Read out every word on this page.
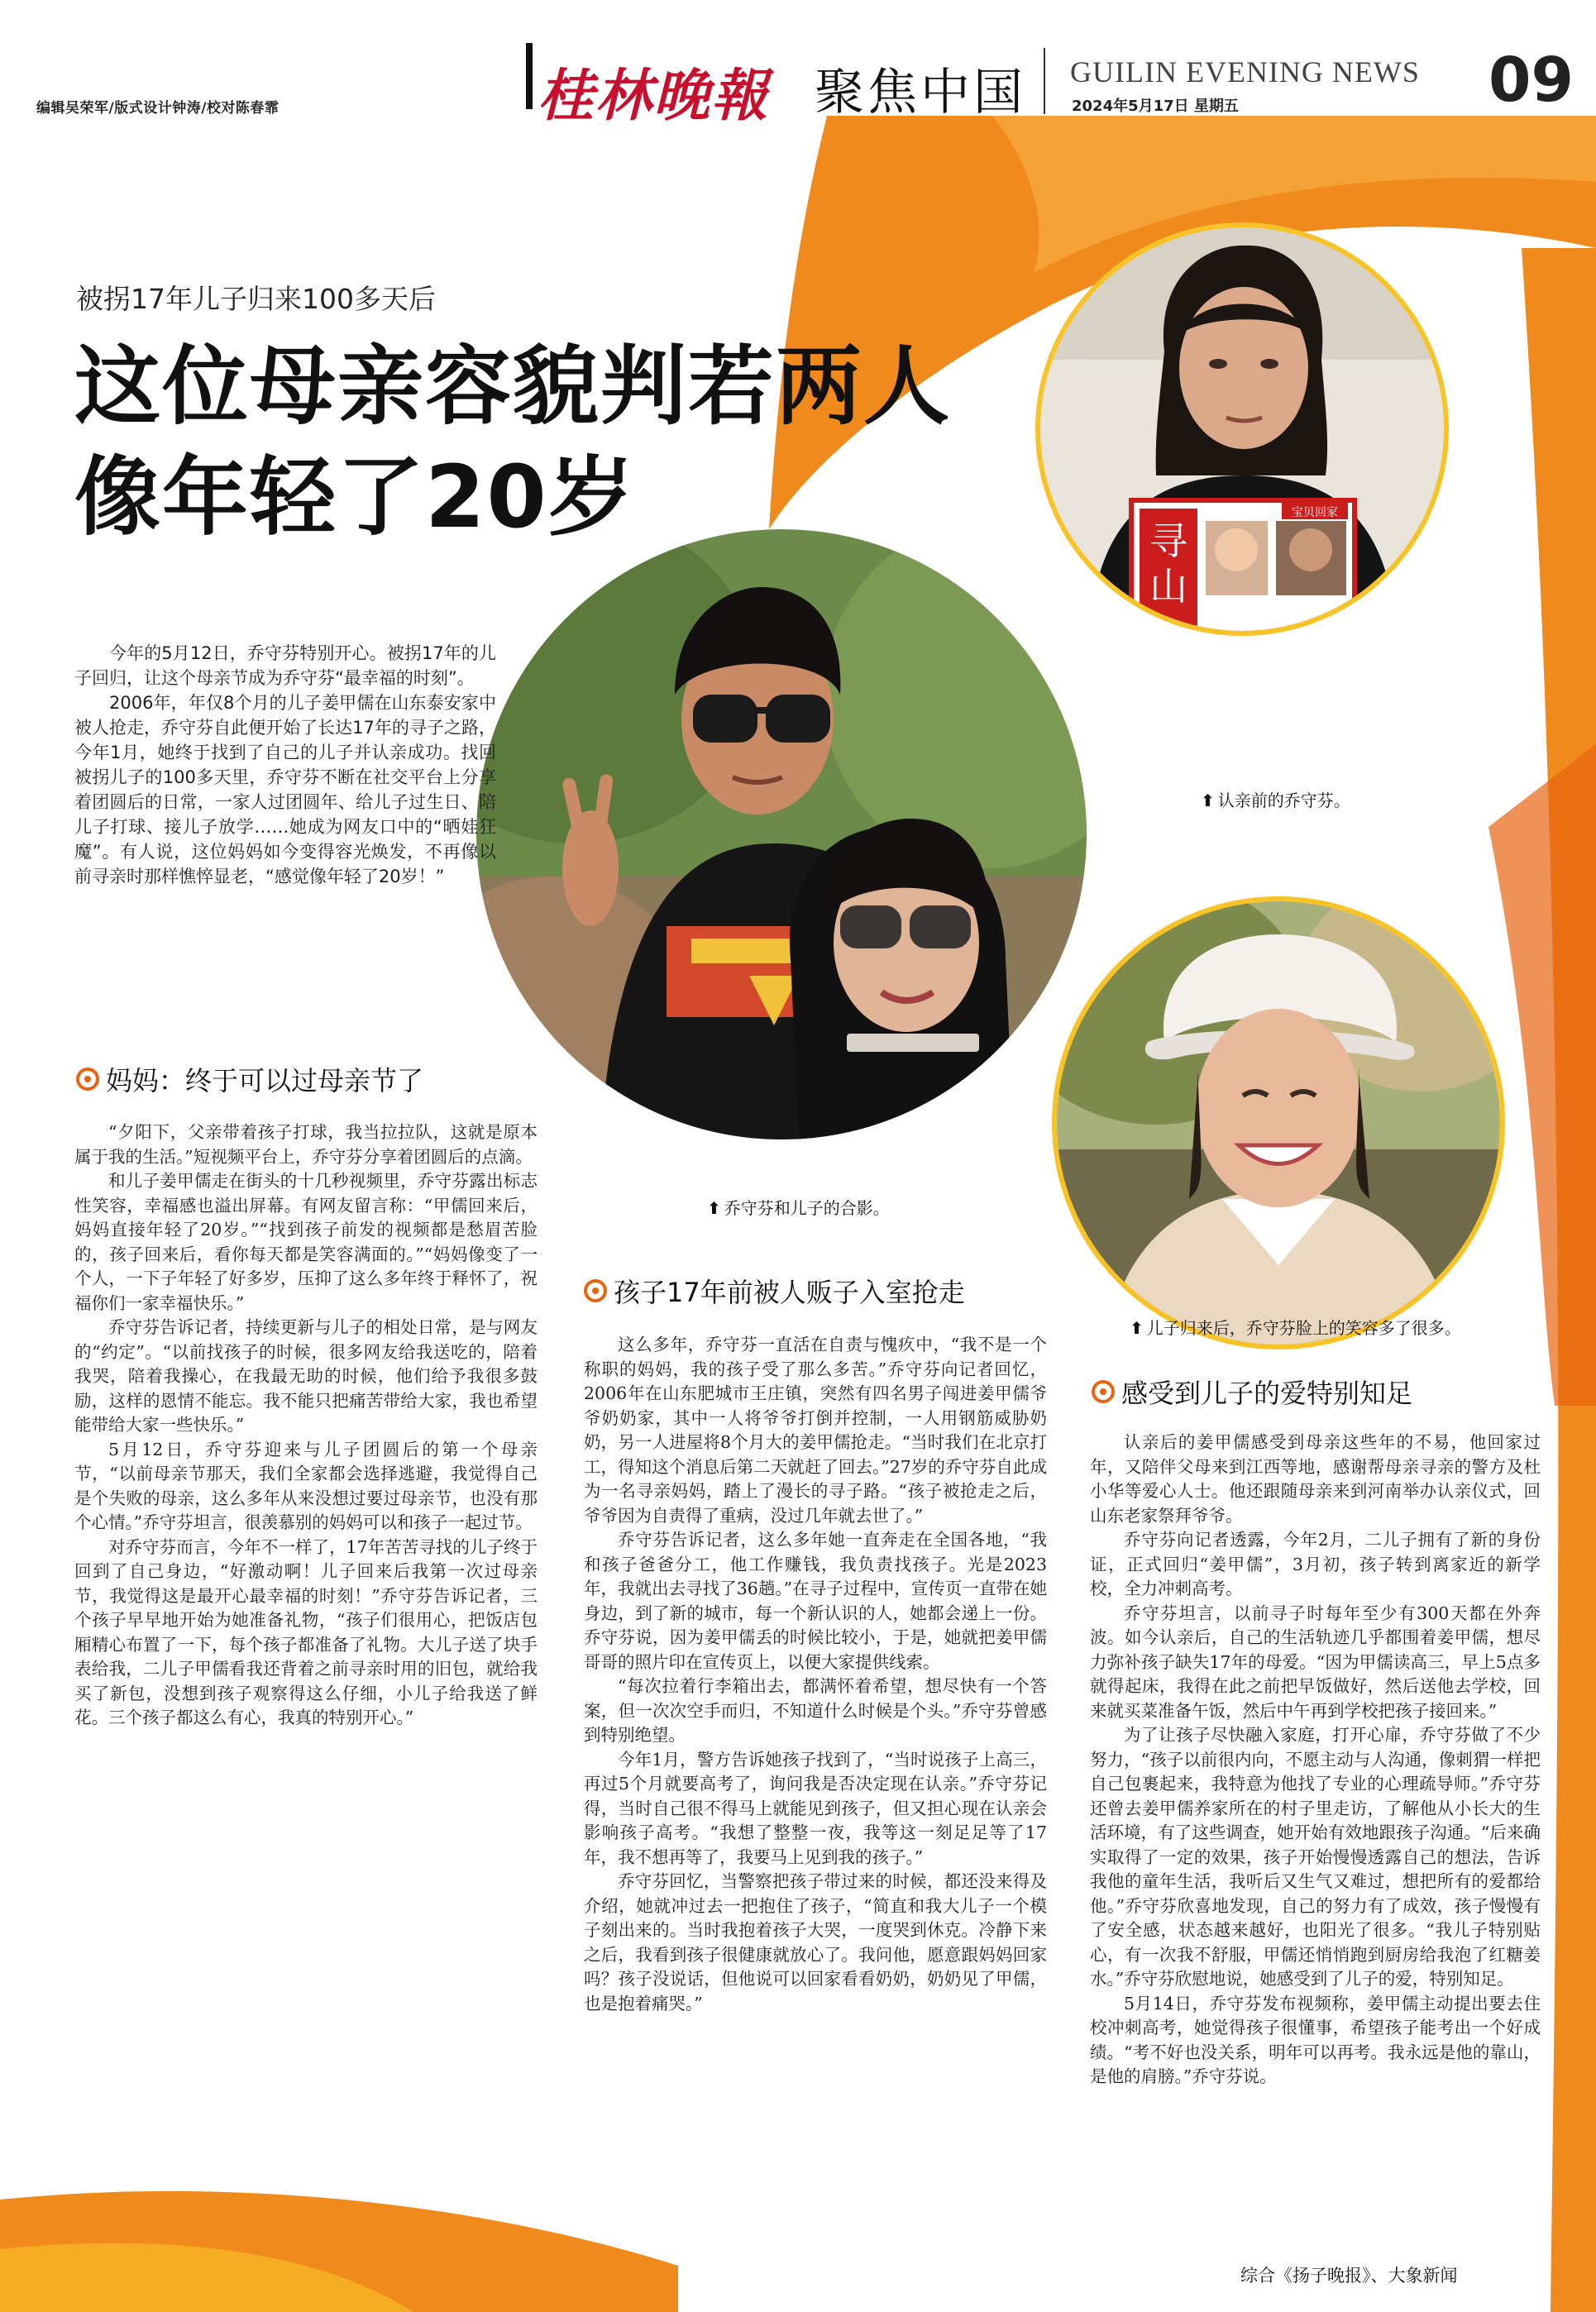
编辑吴荣军/版式设计钟涛/校对陈春霏	桂林晚報 聚焦中国 GUILIN EVENING NEWS
2024年5月17日 星期五	09
被拐17年儿子归来100多天后
这位母亲容貌判若两人
像年轻了20岁	寻
山
宝贝回家
⬆ 认亲前的乔守芬。
⬆ 乔守芬和儿子的合影。
⬆ 儿子归来后，乔守芬脸上的笑容多了很多。

今年的5月12日，乔守芬特别开心。被拐17年的儿子回归，让这个母亲节成为乔守芬“最幸福的时刻”。

2006年，年仅8个月的儿子姜甲儒在山东泰安家中被人抢走，乔守芬自此便开始了长达17年的寻子之路，今年1月，她终于找到了自己的儿子并认亲成功。找回被拐儿子的100多天里，乔守芬不断在社交平台上分享着团圆后的日常，一家人过团圆年、给儿子过生日、陪儿子打球、接儿子放学……她成为网友口中的“晒娃狂魔”。有人说，这位妈妈如今变得容光焕发，不再像以前寻亲时那样憔悴显老，“感觉像年轻了20岁！”

妈妈：终于可以过母亲节了

“夕阳下，父亲带着孩子打球，我当拉拉队，这就是原本属于我的生活。”短视频平台上，乔守芬分享着团圆后的点滴。

和儿子姜甲儒走在街头的十几秒视频里，乔守芬露出标志性笑容，幸福感也溢出屏幕。有网友留言称：“甲儒回来后，妈妈直接年轻了20岁。”“找到孩子前发的视频都是愁眉苦脸的，孩子回来后，看你每天都是笑容满面的。”“妈妈像变了一个人，一下子年轻了好多岁，压抑了这么多年终于释怀了，祝福你们一家幸福快乐。”

乔守芬告诉记者，持续更新与儿子的相处日常，是与网友的“约定”。“以前找孩子的时候，很多网友给我送吃的，陪着我哭，陪着我操心，在我最无助的时候，他们给予我很多鼓励，这样的恩情不能忘。我不能只把痛苦带给大家，我也希望能带给大家一些快乐。”

5月12日，乔守芬迎来与儿子团圆后的第一个母亲节，“以前母亲节那天，我们全家都会选择逃避，我觉得自己是个失败的母亲，这么多年从来没想过要过母亲节，也没有那个心情。”乔守芬坦言，很羡慕别的妈妈可以和孩子一起过节。

对乔守芬而言，今年不一样了，17年苦苦寻找的儿子终于回到了自己身边，“好激动啊！儿子回来后我第一次过母亲节，我觉得这是最开心最幸福的时刻！”乔守芬告诉记者，三个孩子早早地开始为她准备礼物，“孩子们很用心，把饭店包厢精心布置了一下，每个孩子都准备了礼物。大儿子送了块手表给我，二儿子甲儒看我还背着之前寻亲时用的旧包，就给我买了新包，没想到孩子观察得这么仔细，小儿子给我送了鲜花。三个孩子都这么有心，我真的特别开心。”

孩子17年前被人贩子入室抢走

这么多年，乔守芬一直活在自责与愧疚中，“我不是一个称职的妈妈，我的孩子受了那么多苦。”乔守芬向记者回忆，2006年在山东肥城市王庄镇，突然有四名男子闯进姜甲儒爷爷奶奶家，其中一人将爷爷打倒并控制，一人用钢筋威胁奶奶，另一人进屋将8个月大的姜甲儒抢走。“当时我们在北京打工，得知这个消息后第二天就赶了回去。”27岁的乔守芬自此成为一名寻亲妈妈，踏上了漫长的寻子路。“孩子被抢走之后，爷爷因为自责得了重病，没过几年就去世了。”

乔守芬告诉记者，这么多年她一直奔走在全国各地，“我和孩子爸爸分工，他工作赚钱，我负责找孩子。光是2023年，我就出去寻找了36趟。”在寻子过程中，宣传页一直带在她身边，到了新的城市，每一个新认识的人，她都会递上一份。乔守芬说，因为姜甲儒丢的时候比较小，于是，她就把姜甲儒哥哥的照片印在宣传页上，以便大家提供线索。

“每次拉着行李箱出去，都满怀着希望，想尽快有一个答案，但一次次空手而归，不知道什么时候是个头。”乔守芬曾感到特别绝望。

今年1月，警方告诉她孩子找到了，“当时说孩子上高三，再过5个月就要高考了，询问我是否决定现在认亲。”乔守芬记得，当时自己很不得马上就能见到孩子，但又担心现在认亲会影响孩子高考。“我想了整整一夜，我等这一刻足足等了17年，我不想再等了，我要马上见到我的孩子。”

乔守芬回忆，当警察把孩子带过来的时候，都还没来得及介绍，她就冲过去一把抱住了孩子，“简直和我大儿子一个模子刻出来的。当时我抱着孩子大哭，一度哭到休克。冷静下来之后，我看到孩子很健康就放心了。我问他，愿意跟妈妈回家吗？孩子没说话，但他说可以回家看看奶奶，奶奶见了甲儒，也是抱着痛哭。”

感受到儿子的爱特别知足

认亲后的姜甲儒感受到母亲这些年的不易，他回家过年，又陪伴父母来到江西等地，感谢帮母亲寻亲的警方及杜小华等爱心人士。他还跟随母亲来到河南举办认亲仪式，回山东老家祭拜爷爷。

乔守芬向记者透露，今年2月，二儿子拥有了新的身份证，正式回归“姜甲儒”，3月初，孩子转到离家近的新学校，全力冲刺高考。

乔守芬坦言，以前寻子时每年至少有300天都在外奔波。如今认亲后，自己的生活轨迹几乎都围着姜甲儒，想尽力弥补孩子缺失17年的母爱。“因为甲儒读高三，早上5点多就得起床，我得在此之前把早饭做好，然后送他去学校，回来就买菜准备午饭，然后中午再到学校把孩子接回来。”

为了让孩子尽快融入家庭，打开心扉，乔守芬做了不少努力，“孩子以前很内向，不愿主动与人沟通，像刺猬一样把自己包裹起来，我特意为他找了专业的心理疏导师。”乔守芬还曾去姜甲儒养家所在的村子里走访，了解他从小长大的生活环境，有了这些调查，她开始有效地跟孩子沟通。“后来确实取得了一定的效果，孩子开始慢慢透露自己的想法，告诉我他的童年生活，我听后又生气又难过，想把所有的爱都给他。”乔守芬欣喜地发现，自己的努力有了成效，孩子慢慢有了安全感，状态越来越好，也阳光了很多。“我儿子特别贴心，有一次我不舒服，甲儒还悄悄跑到厨房给我泡了红糖姜水。”乔守芬欣慰地说，她感受到了儿子的爱，特别知足。

5月14日，乔守芬发布视频称，姜甲儒主动提出要去住校冲刺高考，她觉得孩子很懂事，希望孩子能考出一个好成绩。“考不好也没关系，明年可以再考。我永远是他的靠山，是他的肩膀。”乔守芬说。

综合《扬子晚报》、大象新闻
